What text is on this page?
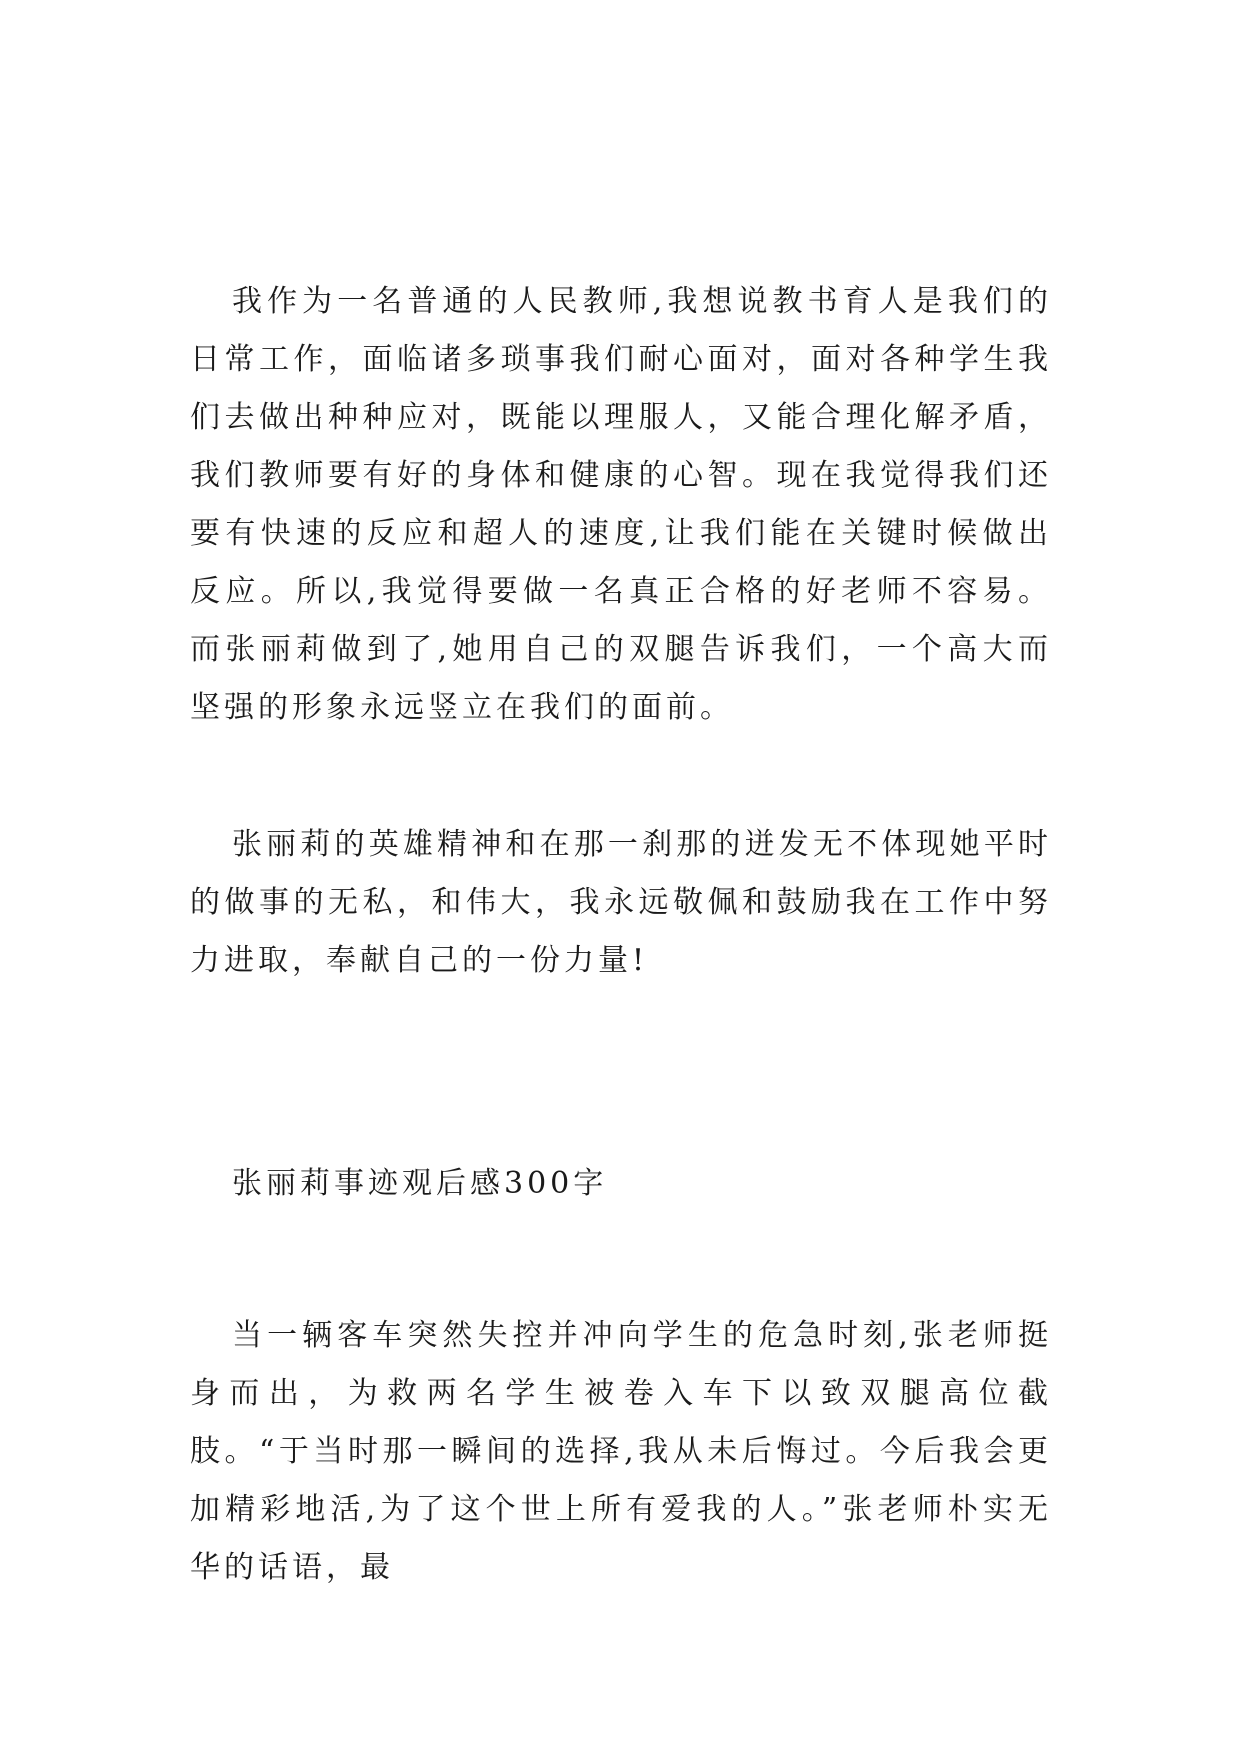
我作为一名普通的人民教师,我想说教书育人是我们的日常工作，面临诸多琐事我们耐心面对，面对各种学生我们去做出种种应对，既能以理服人，又能合理化解矛盾，我们教师要有好的身体和健康的心智。现在我觉得我们还要有快速的反应和超人的速度,让我们能在关键时候做出反应。所以,我觉得要做一名真正合格的好老师不容易。而张丽莉做到了,她用自己的双腿告诉我们，一个高大而坚强的形象永远竖立在我们的面前。

张丽莉的英雄精神和在那一刹那的迸发无不体现她平时的做事的无私，和伟大，我永远敬佩和鼓励我在工作中努力进取，奉献自己的一份力量!

张丽莉事迹观后感300字

当一辆客车突然失控并冲向学生的危急时刻,张老师挺身而出，为救两名学生被卷入车下以致双腿高位截肢。“于当时那一瞬间的选择,我从未后悔过。今后我会更加精彩地活,为了这个世上所有爱我的人。”张老师朴实无华的话语，最
